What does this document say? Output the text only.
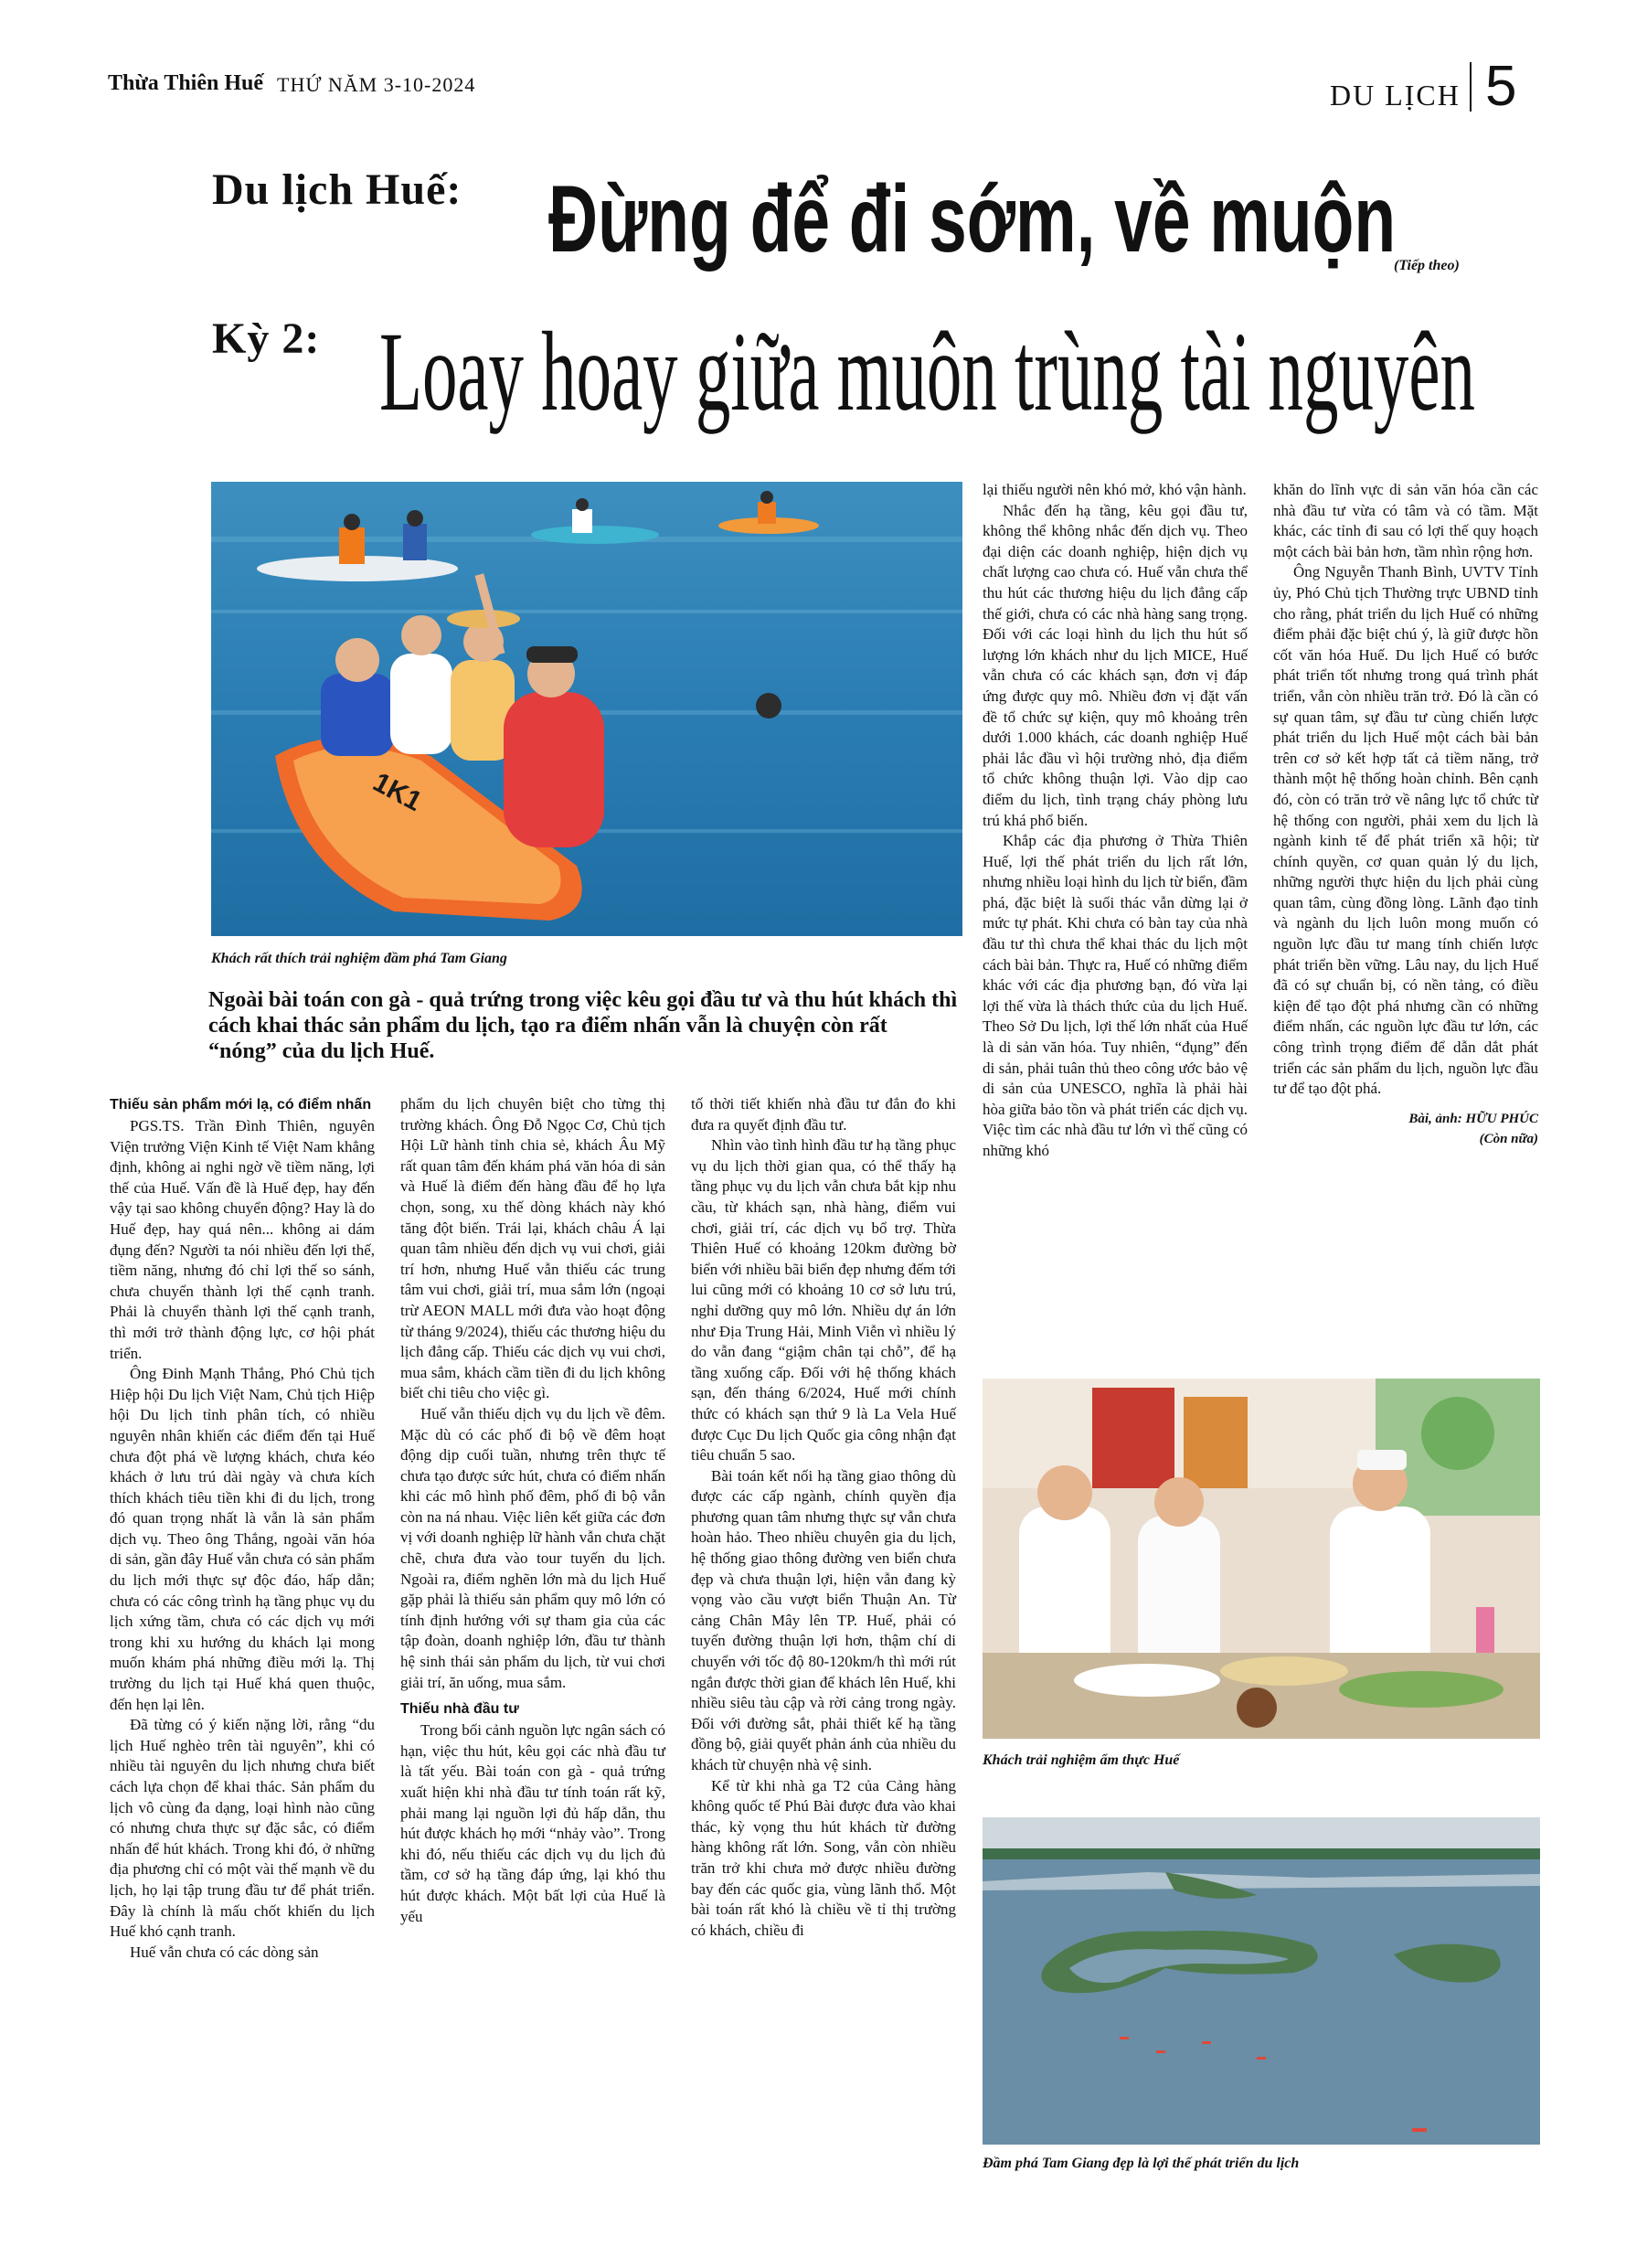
Thừa Thiên Huế THỨ NĂM 3-10-2024	DU LỊCH 5
Du lịch Huế: Đừng để đi sớm, về muộn
(Tiếp theo)
Kỳ 2: Loay hoay giữa muôn trùng tài nguyên
1K1
Khách rất thích trải nghiệm đầm phá Tam Giang
Ngoài bài toán con gà - quả trứng trong việc kêu gọi đầu tư và thu hút khách thì cách khai thác sản phẩm du lịch, tạo ra điểm nhấn vẫn là chuyện còn rất “nóng” của du lịch Huế.
Thiếu sản phẩm mới lạ, có điểm nhấn

PGS.TS. Trần Đình Thiên, nguyên Viện trưởng Viện Kinh tế Việt Nam khẳng định, không ai nghi ngờ về tiềm năng, lợi thế của Huế. Vấn đề là Huế đẹp, hay đến vậy tại sao không chuyển động? Hay là do Huế đẹp, hay quá nên... không ai dám đụng đến? Người ta nói nhiều đến lợi thế, tiềm năng, nhưng đó chỉ lợi thế so sánh, chưa chuyển thành lợi thế cạnh tranh. Phải là chuyển thành lợi thế cạnh tranh, thì mới trở thành động lực, cơ hội phát triển.

Ông Đinh Mạnh Thắng, Phó Chủ tịch Hiệp hội Du lịch Việt Nam, Chủ tịch Hiệp hội Du lịch tỉnh phân tích, có nhiều nguyên nhân khiến các điểm đến tại Huế chưa đột phá về lượng khách, chưa kéo khách ở lưu trú dài ngày và chưa kích thích khách tiêu tiền khi đi du lịch, trong đó quan trọng nhất là vẫn là sản phẩm dịch vụ. Theo ông Thắng, ngoài văn hóa di sản, gần đây Huế vẫn chưa có sản phẩm du lịch mới thực sự độc đáo, hấp dẫn; chưa có các công trình hạ tầng phục vụ du lịch xứng tầm, chưa có các dịch vụ mới trong khi xu hướng du khách lại mong muốn khám phá những điều mới lạ. Thị trường du lịch tại Huế khá quen thuộc, đến hẹn lại lên.

Đã từng có ý kiến nặng lời, rằng “du lịch Huế nghèo trên tài nguyên”, khi có nhiều tài nguyên du lịch nhưng chưa biết cách lựa chọn để khai thác. Sản phẩm du lịch vô cùng đa dạng, loại hình nào cũng có nhưng chưa thực sự đặc sắc, có điểm nhấn để hút khách. Trong khi đó, ở những địa phương chỉ có một vài thế mạnh về du lịch, họ lại tập trung đầu tư để phát triển. Đây là chính là mấu chốt khiến du lịch Huế khó cạnh tranh.

Huế vẫn chưa có các dòng sản

phẩm du lịch chuyên biệt cho từng thị trường khách. Ông Đỗ Ngọc Cơ, Chủ tịch Hội Lữ hành tỉnh chia sẻ, khách Âu Mỹ rất quan tâm đến khám phá văn hóa di sản và Huế là điểm đến hàng đầu để họ lựa chọn, song, xu thế dòng khách này khó tăng đột biến. Trái lại, khách châu Á lại quan tâm nhiều đến dịch vụ vui chơi, giải trí hơn, nhưng Huế vẫn thiếu các trung tâm vui chơi, giải trí, mua sắm lớn (ngoại trừ AEON MALL mới đưa vào hoạt động từ tháng 9/2024), thiếu các thương hiệu du lịch đẳng cấp. Thiếu các dịch vụ vui chơi, mua sắm, khách cầm tiền đi du lịch không biết chi tiêu cho việc gì.

Huế vẫn thiếu dịch vụ du lịch về đêm. Mặc dù có các phố đi bộ về đêm hoạt động dịp cuối tuần, nhưng trên thực tế chưa tạo được sức hút, chưa có điểm nhấn khi các mô hình phố đêm, phố đi bộ vẫn còn na ná nhau. Việc liên kết giữa các đơn vị với doanh nghiệp lữ hành vẫn chưa chặt chẽ, chưa đưa vào tour tuyến du lịch. Ngoài ra, điểm nghẽn lớn mà du lịch Huế gặp phải là thiếu sản phẩm quy mô lớn có tính định hướng với sự tham gia của các tập đoàn, doanh nghiệp lớn, đầu tư thành hệ sinh thái sản phẩm du lịch, từ vui chơi giải trí, ăn uống, mua sắm.

Thiếu nhà đầu tư

Trong bối cảnh nguồn lực ngân sách có hạn, việc thu hút, kêu gọi các nhà đầu tư là tất yếu. Bài toán con gà - quả trứng xuất hiện khi nhà đầu tư tính toán rất kỹ, phải mang lại nguồn lợi đủ hấp dẫn, thu hút được khách họ mới “nhảy vào”. Trong khi đó, nếu thiếu các dịch vụ du lịch đủ tầm, cơ sở hạ tầng đáp ứng, lại khó thu hút được khách. Một bất lợi của Huế là yếu

tố thời tiết khiến nhà đầu tư đắn đo khi đưa ra quyết định đầu tư.

Nhìn vào tình hình đầu tư hạ tầng phục vụ du lịch thời gian qua, có thể thấy hạ tầng phục vụ du lịch vẫn chưa bắt kịp nhu cầu, từ khách sạn, nhà hàng, điểm vui chơi, giải trí, các dịch vụ bổ trợ. Thừa Thiên Huế có khoảng 120km đường bờ biển với nhiều bãi biển đẹp nhưng đếm tới lui cũng mới có khoảng 10 cơ sở lưu trú, nghỉ dưỡng quy mô lớn. Nhiều dự án lớn như Địa Trung Hải, Minh Viễn vì nhiều lý do vẫn đang “giậm chân tại chỗ”, để hạ tầng xuống cấp. Đối với hệ thống khách sạn, đến tháng 6/2024, Huế mới chính thức có khách sạn thứ 9 là La Vela Huế được Cục Du lịch Quốc gia công nhận đạt tiêu chuẩn 5 sao.

Bài toán kết nối hạ tầng giao thông dù được các cấp ngành, chính quyền địa phương quan tâm nhưng thực sự vẫn chưa hoàn hảo. Theo nhiều chuyên gia du lịch, hệ thống giao thông đường ven biển chưa đẹp và chưa thuận lợi, hiện vẫn đang kỳ vọng vào cầu vượt biển Thuận An. Từ cảng Chân Mây lên TP. Huế, phải có tuyến đường thuận lợi hơn, thậm chí di chuyển với tốc độ 80-120km/h thì mới rút ngắn được thời gian để khách lên Huế, khi nhiều siêu tàu cập và rời cảng trong ngày. Đối với đường sắt, phải thiết kế hạ tầng đồng bộ, giải quyết phản ánh của nhiều du khách từ chuyện nhà vệ sinh.

Kể từ khi nhà ga T2 của Cảng hàng không quốc tế Phú Bài được đưa vào khai thác, kỳ vọng thu hút khách từ đường hàng không rất lớn. Song, vẫn còn nhiều trăn trở khi chưa mở được nhiều đường bay đến các quốc gia, vùng lãnh thổ. Một bài toán rất khó là chiều về tỉ thị trường có khách, chiều đi

lại thiếu người nên khó mở, khó vận hành.

Nhắc đến hạ tầng, kêu gọi đầu tư, không thể không nhắc đến dịch vụ. Theo đại diện các doanh nghiệp, hiện dịch vụ chất lượng cao chưa có. Huế vẫn chưa thể thu hút các thương hiệu du lịch đẳng cấp thế giới, chưa có các nhà hàng sang trọng. Đối với các loại hình du lịch thu hút số lượng lớn khách như du lịch MICE, Huế vẫn chưa có các khách sạn, đơn vị đáp ứng được quy mô. Nhiều đơn vị đặt vấn đề tổ chức sự kiện, quy mô khoảng trên dưới 1.000 khách, các doanh nghiệp Huế phải lắc đầu vì hội trường nhỏ, địa điểm tổ chức không thuận lợi. Vào dịp cao điểm du lịch, tình trạng cháy phòng lưu trú khá phổ biến.

Khắp các địa phương ở Thừa Thiên Huế, lợi thế phát triển du lịch rất lớn, nhưng nhiều loại hình du lịch từ biển, đầm phá, đặc biệt là suối thác vẫn dừng lại ở mức tự phát. Khi chưa có bàn tay của nhà đầu tư thì chưa thể khai thác du lịch một cách bài bản. Thực ra, Huế có những điểm khác với các địa phương bạn, đó vừa lại lợi thế vừa là thách thức của du lịch Huế. Theo Sở Du lịch, lợi thế lớn nhất của Huế là di sản văn hóa. Tuy nhiên, “đụng” đến di sản, phải tuân thủ theo công ước bảo vệ di sản của UNESCO, nghĩa là phải hài hòa giữa bảo tồn và phát triển các dịch vụ. Việc tìm các nhà đầu tư lớn vì thế cũng có những khó

khăn do lĩnh vực di sản văn hóa cần các nhà đầu tư vừa có tâm và có tầm. Mặt khác, các tỉnh đi sau có lợi thế quy hoạch một cách bài bản hơn, tầm nhìn rộng hơn.

Ông Nguyễn Thanh Bình, UVTV Tỉnh ủy, Phó Chủ tịch Thường trực UBND tỉnh cho rằng, phát triển du lịch Huế có những điểm phải đặc biệt chú ý, là giữ được hồn cốt văn hóa Huế. Du lịch Huế có bước phát triển tốt nhưng trong quá trình phát triển, vẫn còn nhiều trăn trở. Đó là cần có sự quan tâm, sự đầu tư cùng chiến lược phát triển du lịch Huế một cách bài bản trên cơ sở kết hợp tất cả tiềm năng, trở thành một hệ thống hoàn chỉnh. Bên cạnh đó, còn có trăn trở về nâng lực tổ chức từ hệ thống con người, phải xem du lịch là ngành kinh tế để phát triển xã hội; từ chính quyền, cơ quan quản lý du lịch, những người thực hiện du lịch phải cùng quan tâm, cùng đồng lòng. Lãnh đạo tỉnh và ngành du lịch luôn mong muốn có nguồn lực đầu tư mang tính chiến lược phát triển bền vững. Lâu nay, du lịch Huế đã có sự chuẩn bị, có nền tảng, có điều kiện để tạo đột phá nhưng cần có những điểm nhấn, các nguồn lực đầu tư lớn, các công trình trọng điểm để dẫn dắt phát triển các sản phẩm du lịch, nguồn lực đầu tư để tạo đột phá.

Bài, ảnh: HỮU PHÚC
(Còn nữa)
Khách trải nghiệm ẩm thực Huế
Đầm phá Tam Giang đẹp là lợi thế phát triển du lịch
